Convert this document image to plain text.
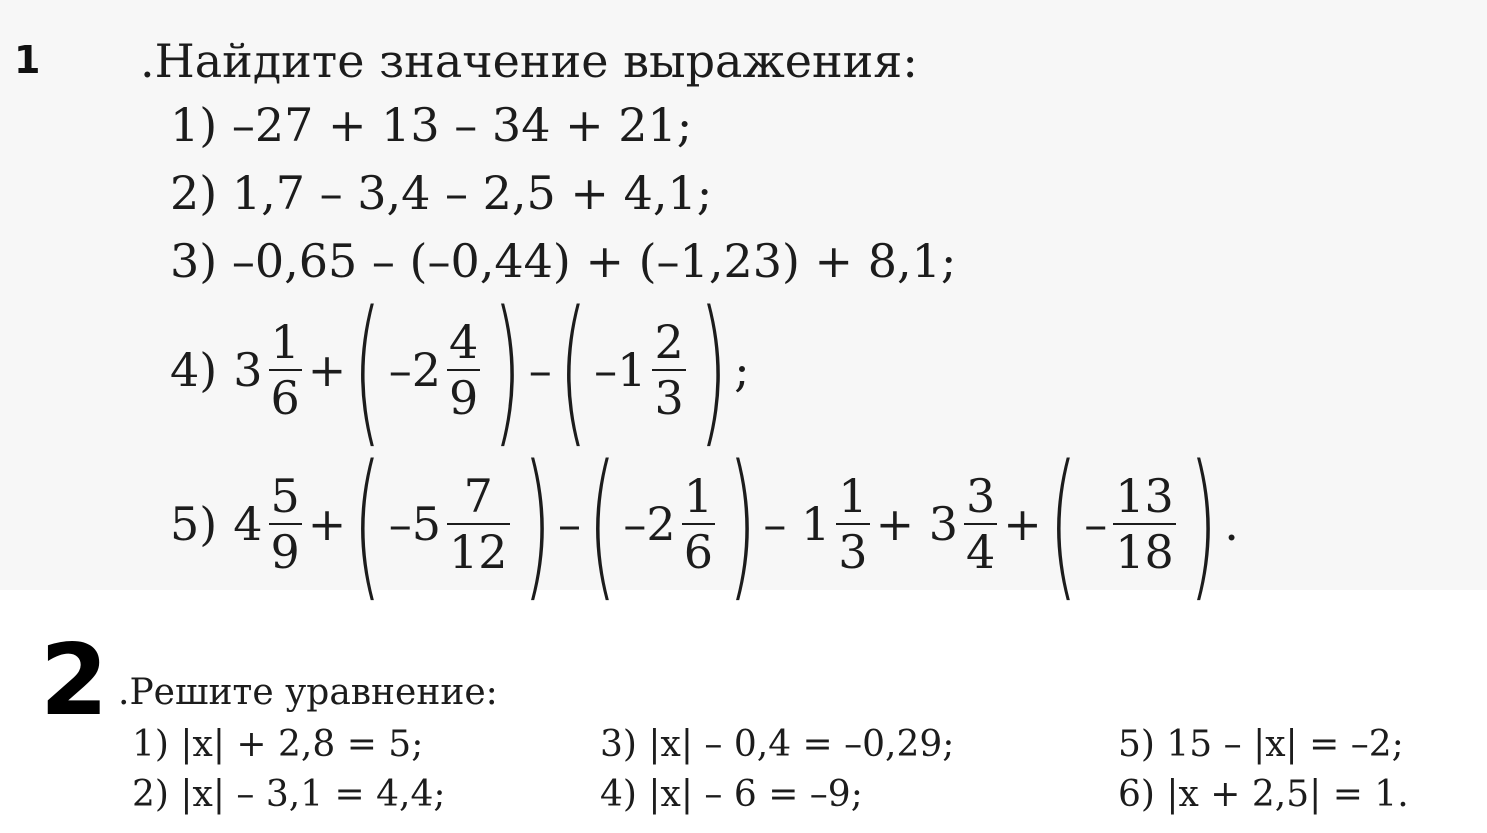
1 .Найдите значение выражения:
1) –27 + 13 – 34 + 21;
2) 1,7 – 3,4 – 2,5 + 4,1;
3) –0,65 – (–0,44) + (–1,23) + 8,1;
4) $3 \frac{1}{6}$ + ( $-2 \frac{4}{9}$ ) – ( $-1 \frac{2}{3}$ ) ;
5) $4 \frac{5}{9}$ + ( $-5 \frac{7}{12}$ ) – ( $-2 \frac{1}{6}$ ) – $1 \frac{1}{3} + 3 \frac{3}{4}$ + ( – $\frac{13}{18}$ ) .
2 .Решите уравнение:
1) |x| + 2,8 = 5;
2) |x| – 3,1 = 4,4;
3) |x| – 0,4 = –0,29;
4) |x| – 6 = –9;
5) 15 – |x| = –2;
6) |x + 2,5| = 1.
